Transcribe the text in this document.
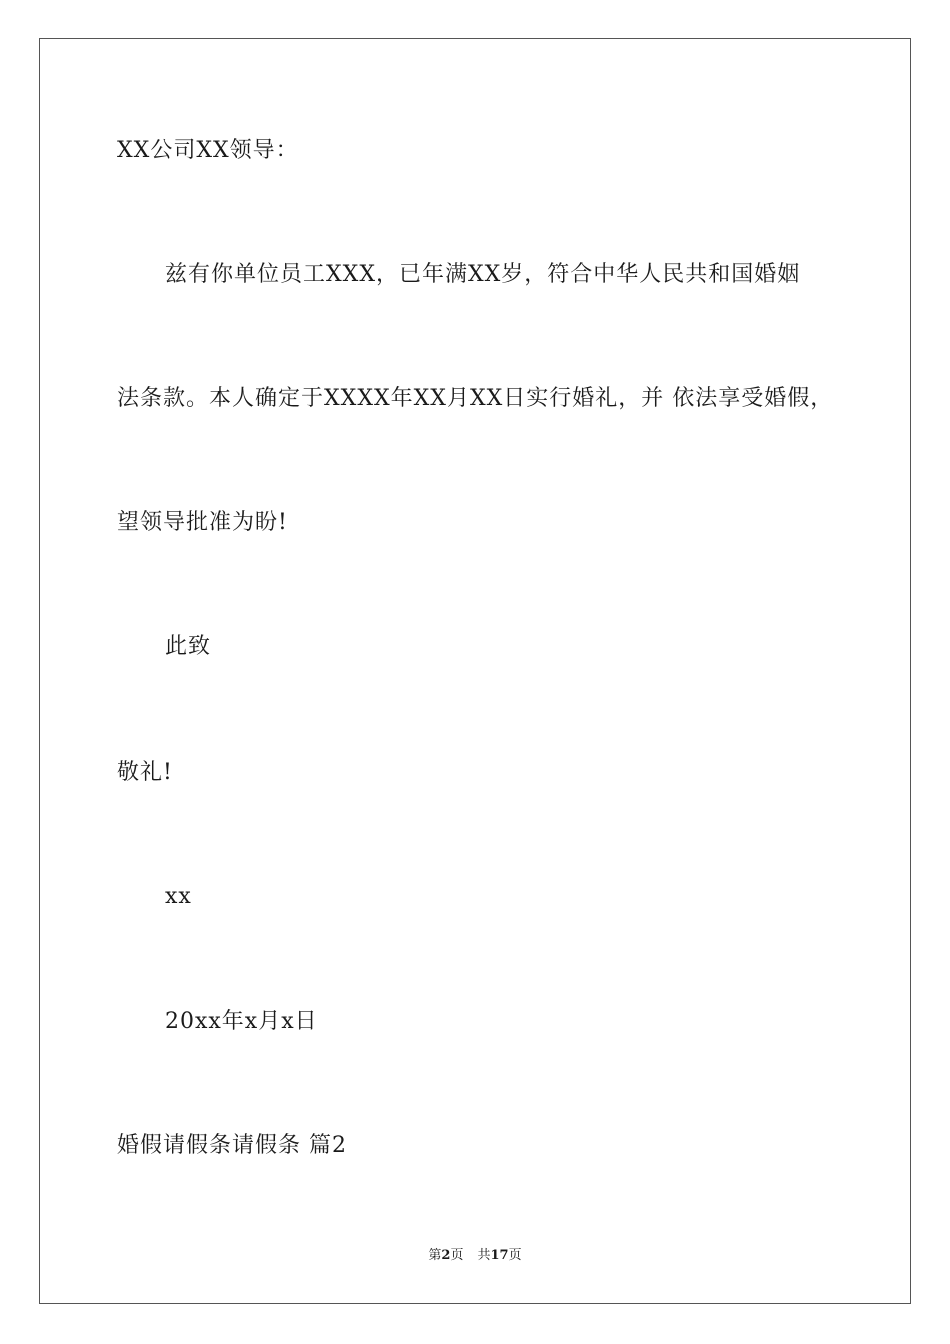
XX公司XX领导：
兹有你单位员工XXX，已年满XX岁，符合中华人民共和国婚姻
法条款。本人确定于XXXX年XX月XX日实行婚礼，并 依法享受婚假，
望领导批准为盼!
此致
敬礼!
xx
20xx年x月x日
婚假请假条请假条 篇2
第2页 共17页
